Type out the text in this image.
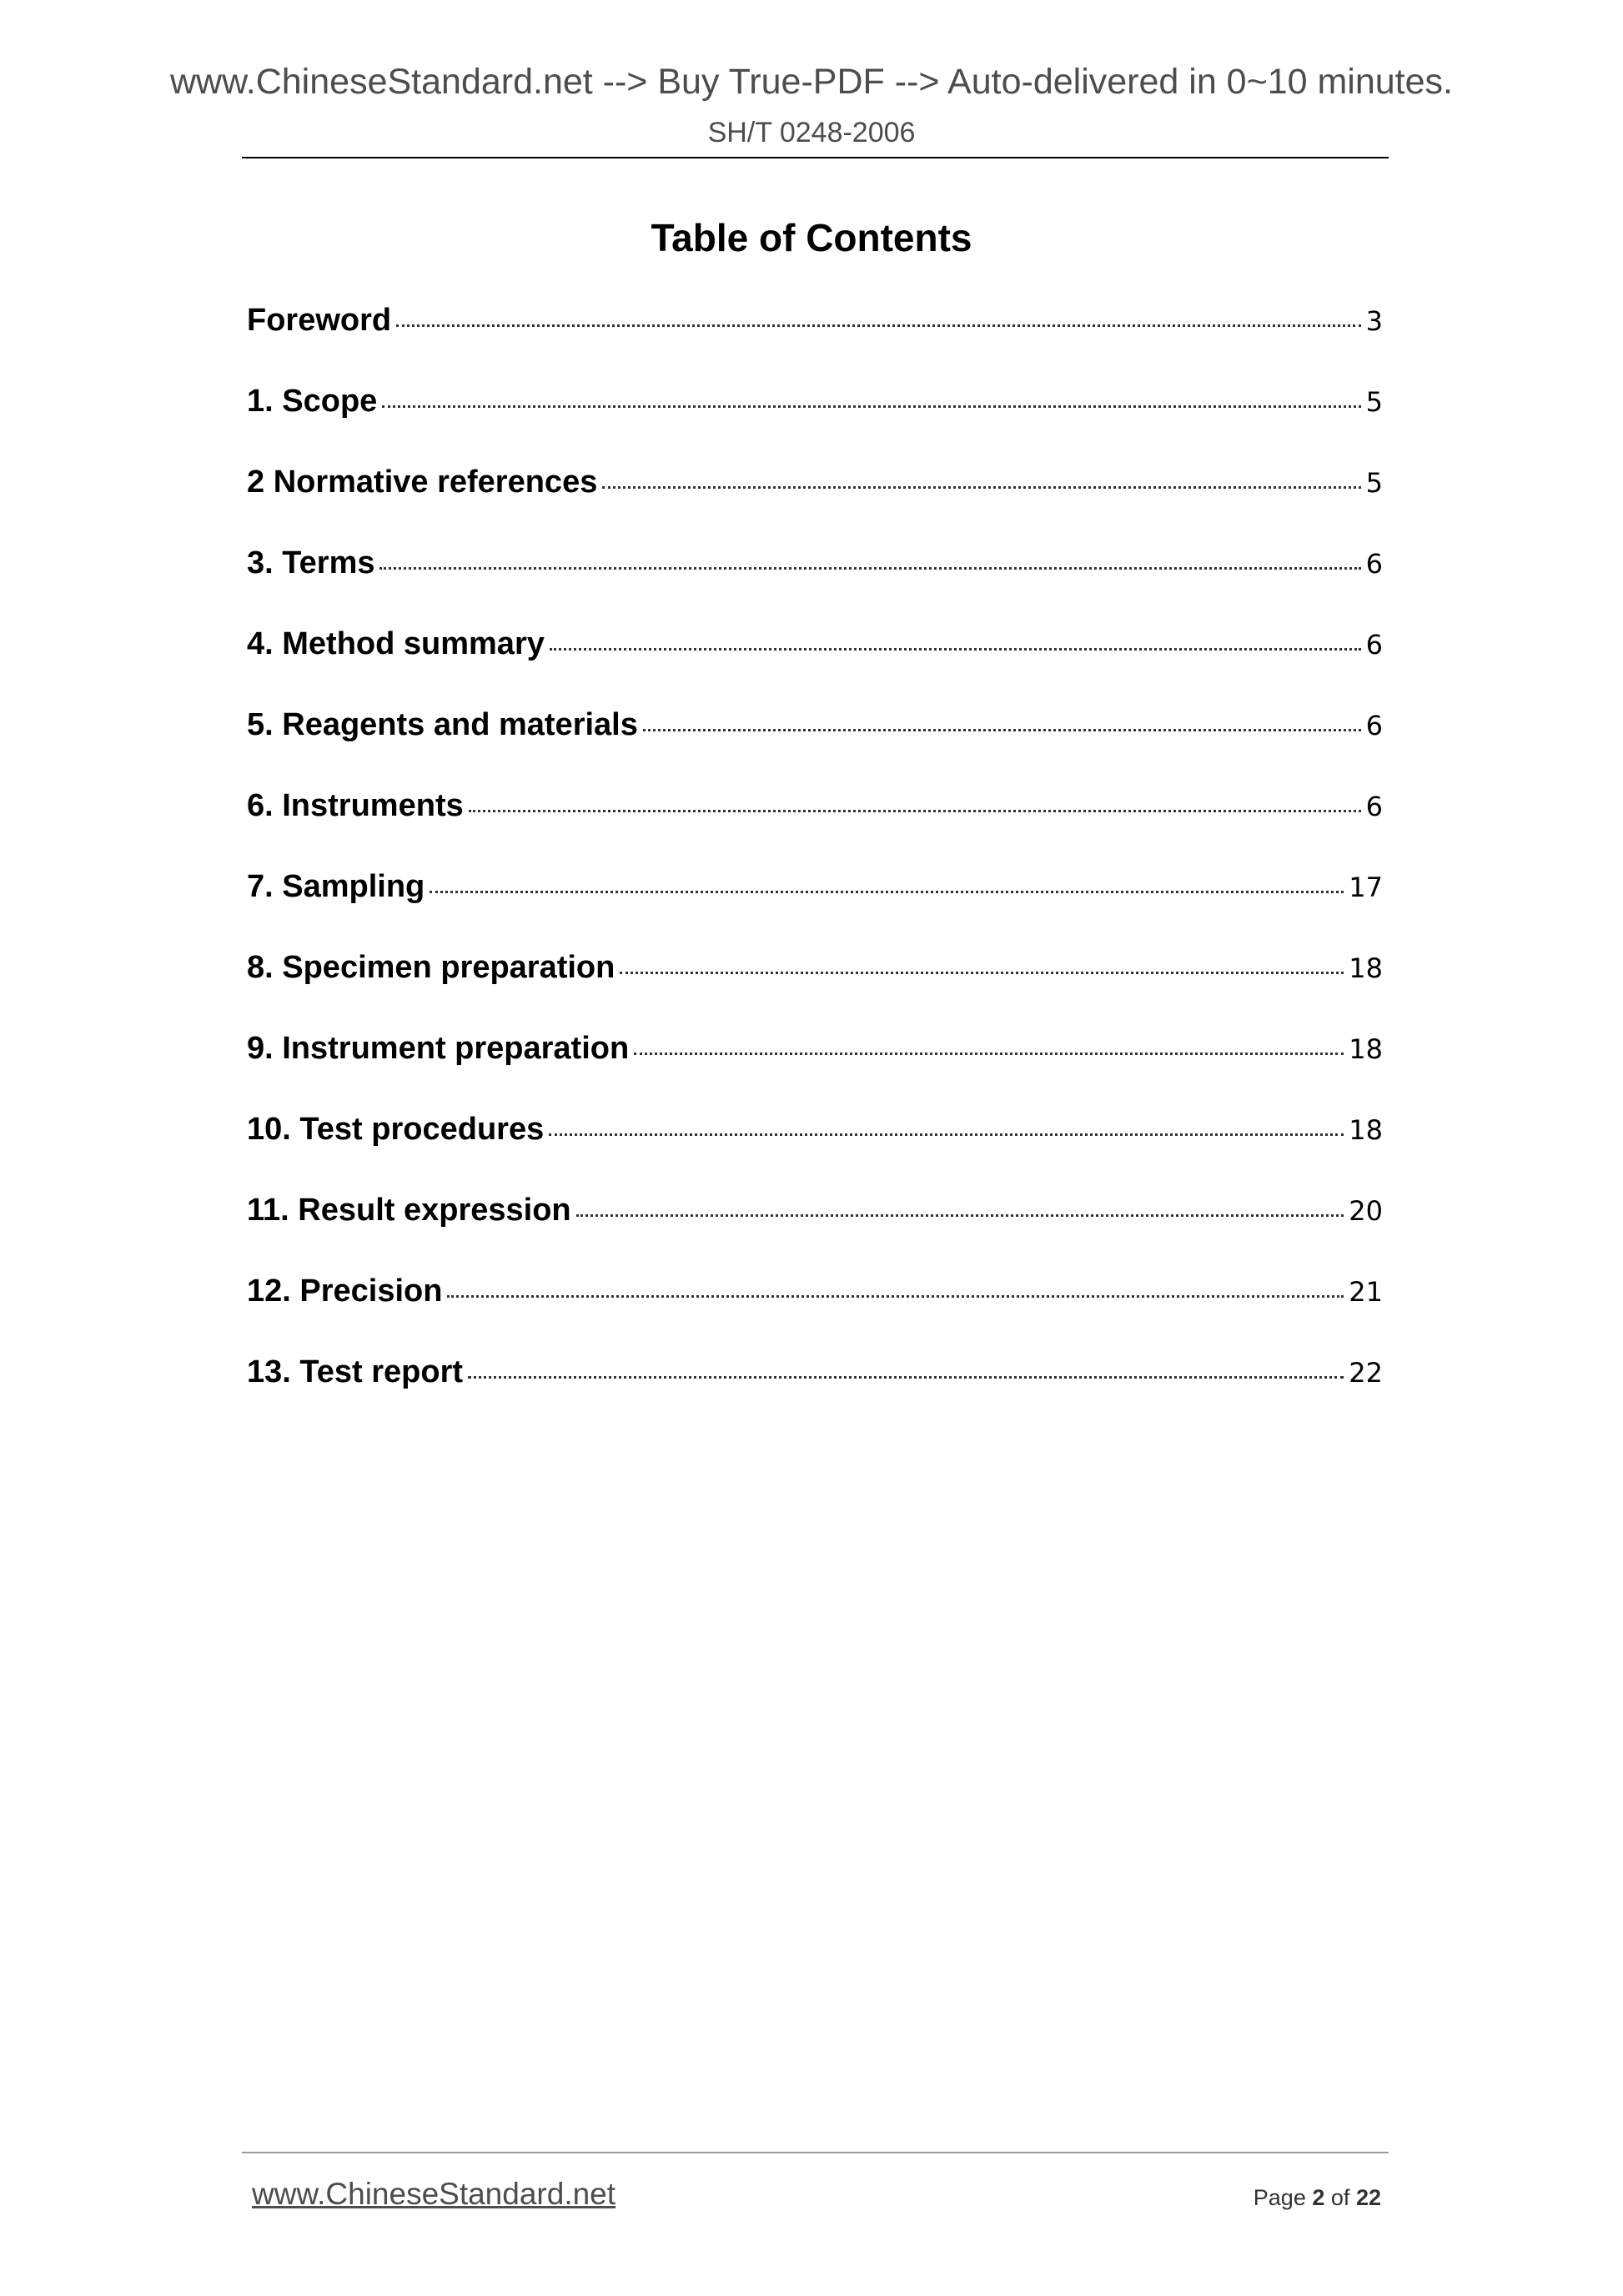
www.ChineseStandard.net --> Buy True-PDF --> Auto-delivered in 0~10 minutes.
SH/T 0248-2006
Table of Contents
Foreword	3
1. Scope	5
2 Normative references	5
3. Terms	6
4. Method summary	6
5. Reagents and materials	6
6. Instruments	6
7. Sampling	17
8. Specimen preparation	18
9. Instrument preparation	18
10. Test procedures	18
11. Result expression	20
12. Precision	21
13. Test report	22
www.ChineseStandard.net	Page 2 of 22
